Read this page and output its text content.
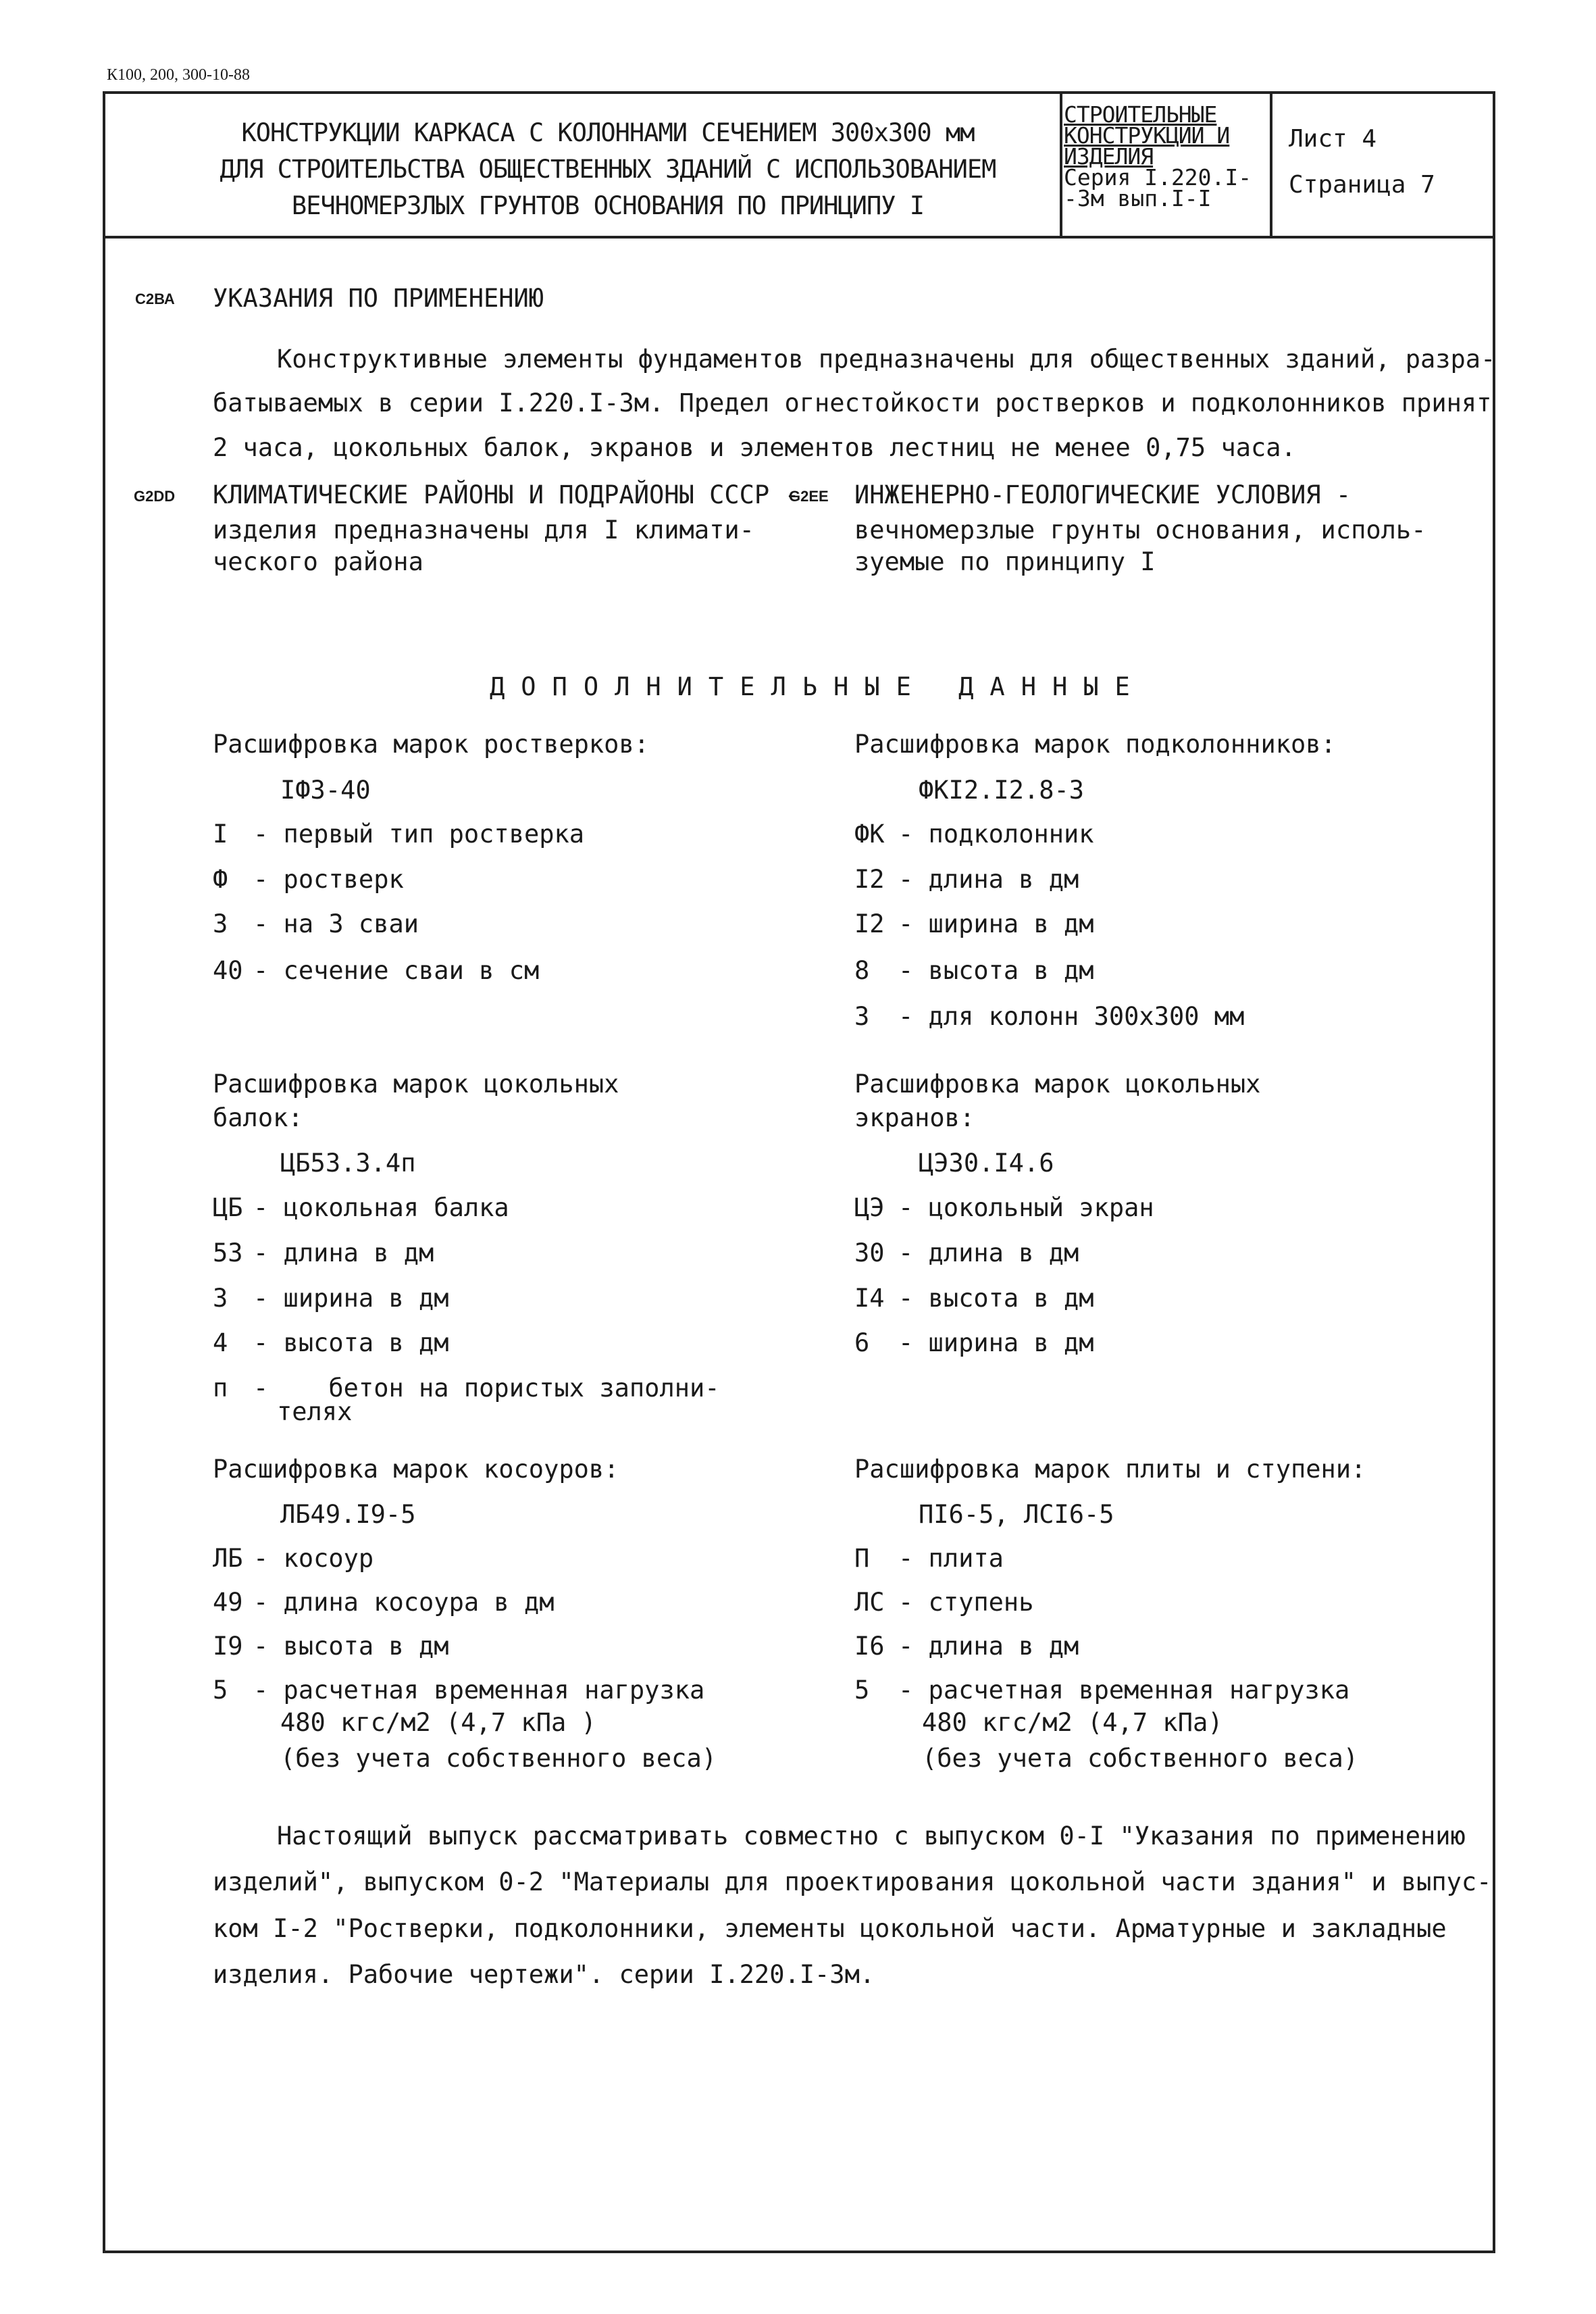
К100, 200, 300-10-88
КОНСТРУКЦИИ КАРКАСА С КОЛОННАМИ СЕЧЕНИЕМ 300х300 мм
ДЛЯ СТРОИТЕЛЬСТВА ОБЩЕСТВЕННЫХ ЗДАНИЙ С ИСПОЛЬЗОВАНИЕМ
ВЕЧНОМЕРЗЛЫХ ГРУНТОВ ОСНОВАНИЯ ПО ПРИНЦИПУ I
СТРОИТЕЛЬНЫЕ
КОНСТРУКЦИИ И
ИЗДЕЛИЯ
Серия I.220.I-
-3м вып.I-I
Лист 4
Страница 7
С2ВА УКАЗАНИЯ ПО ПРИМЕНЕНИЮ
Конструктивные элементы фундаментов предназначены для общественных зданий, разра-
батываемых в серии I.220.I-3м. Предел огнестойкости ростверков и подколонников принят
2 часа, цокольных балок, экранов и элементов лестниц не менее 0,75 часа.
G2DD КЛИМАТИЧЕСКИЕ РАЙОНЫ И ПОДРАЙОНЫ СССР -
изделия предназначены для I климати-
ческого района
G2EE ИНЖЕНЕРНО-ГЕОЛОГИЧЕСКИЕ УСЛОВИЯ -
вечномерзлые грунты основания, исполь-
зуемые по принципу I
ДОПОЛНИТЕЛЬНЫЕ ДАННЫЕ
Расшифровка марок ростверков:
IФ3-40
I - первый тип ростверка
Ф - ростверк
3 - на 3 сваи
40 - сечение сваи в см
Расшифровка марок подколонников:
ФКI2.I2.8-3
ФК - подколонник
I2 - длина в дм
I2 - ширина в дм
8 - высота в дм
3 - для колонн 300х300 мм
Расшифровка марок цокольных
балок:
ЦБ53.3.4п
ЦБ - цокольная балка
53 - длина в дм
3 - ширина в дм
4 - высота в дм
п -    бетон на пористых заполни-
телях
Расшифровка марок цокольных
экранов:
ЦЭ30.I4.6
ЦЭ - цокольный экран
30 - длина в дм
I4 - высота в дм
6 - ширина в дм
Расшифровка марок косоуров:
ЛБ49.I9-5
ЛБ - косоур
49 - длина косоура в дм
I9 - высота в дм
5 - расчетная временная нагрузка
480 кгс/м2 (4,7 кПа )
(без учета собственного веса)
Расшифровка марок плиты и ступени:
ПI6-5, ЛСI6-5
П - плита
ЛС - ступень
I6 - длина в дм
5 - расчетная временная нагрузка
480 кгс/м2 (4,7 кПа)
(без учета собственного веса)
Настоящий выпуск рассматривать совместно с выпуском 0-I "Указания по применению
изделий", выпуском 0-2 "Материалы для проектирования цокольной части здания" и выпус-
ком I-2 "Ростверки, подколонники, элементы цокольной части. Арматурные и закладные
изделия. Рабочие чертежи". серии I.220.I-3м.
